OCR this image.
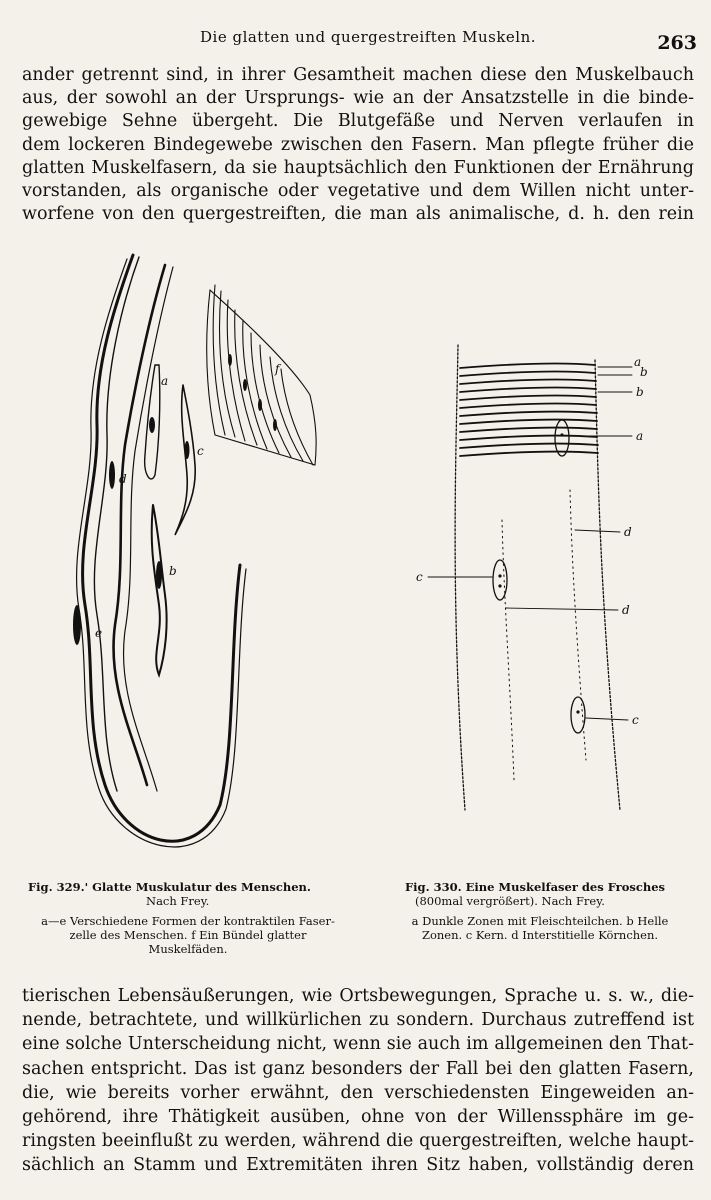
Die glatten und quergestreiften Muskeln.	263
ander getrennt sind, in ihrer Gesamtheit machen diese den Muskelbauch
aus, der sowohl an der Ursprungs- wie an der Ansatzstelle in die binde-
gewebige Sehne übergeht. Die Blutgefäße und Nerven verlaufen in
dem lockeren Bindegewebe zwischen den Fasern. Man pflegte früher die
glatten Muskelfasern, da sie hauptsächlich den Funktionen der Ernährung
vorstanden, als organische oder vegetative und dem Willen nicht unter-
worfene von den quergestreiften, die man als animalische, d. h. den rein
a
b
c
d
e
f	a
b
b
a
d
c
d
c
Fig. 329.' Glatte Muskulatur des Menschen.
Nach Frey.
a—e Verschiedene Formen der kontraktilen Faser-
zelle des Menschen. f Ein Bündel glatter
Muskelfäden.
Fig. 330. Eine Muskelfaser des Frosches
(800mal vergrößert). Nach Frey.
a Dunkle Zonen mit Fleischteilchen. b Helle
Zonen. c Kern. d Interstitielle Körnchen.
tierischen Lebensäußerungen, wie Ortsbewegungen, Sprache u. s. w., die-
nende, betrachtete, und willkürlichen zu sondern. Durchaus zutreffend ist
eine solche Unterscheidung nicht, wenn sie auch im allgemeinen den That-
sachen entspricht. Das ist ganz besonders der Fall bei den glatten Fasern,
die, wie bereits vorher erwähnt, den verschiedensten Eingeweiden an-
gehörend, ihre Thätigkeit ausüben, ohne von der Willenssphäre im ge-
ringsten beeinflußt zu werden, während die quergestreiften, welche haupt-
sächlich an Stamm und Extremitäten ihren Sitz haben, vollständig deren
